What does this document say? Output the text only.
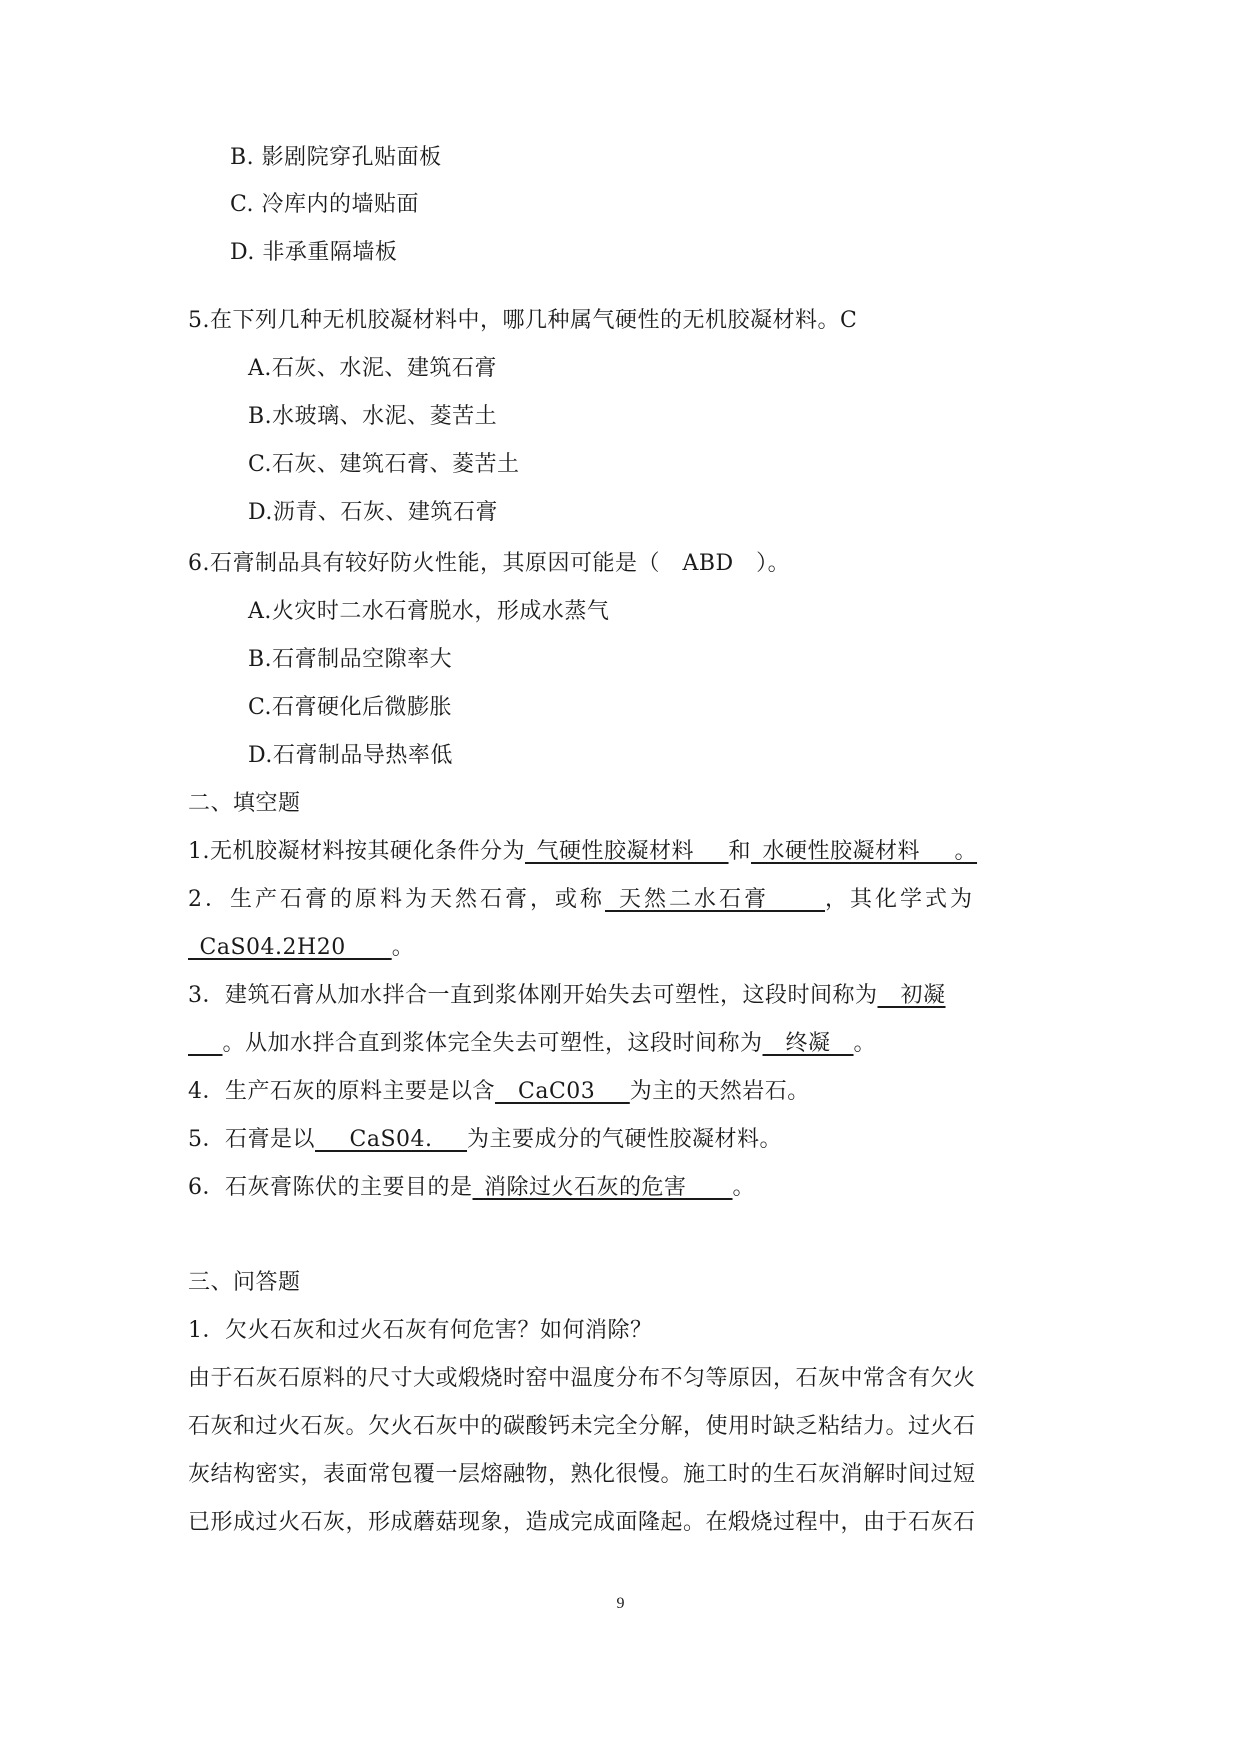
B. 影剧院穿孔贴面板
C. 冷库内的墙贴面
D. 非承重隔墙板
5.在下列几种无机胶凝材料中，哪几种属气硬性的无机胶凝材料。C
A.石灰、水泥、建筑石膏
B.水玻璃、水泥、菱苦土
C.石灰、建筑石膏、菱苦土
D.沥青、石灰、建筑石膏
6.石膏制品具有较好防火性能，其原因可能是（　ABD　）。
A.火灾时二水石膏脱水，形成水蒸气
B.石膏制品空隙率大
C.石膏硬化后微膨胀
D.石膏制品导热率低
二、填空题
1.无机胶凝材料按其硬化条件分为_气硬性胶凝材料___和_水硬性胶凝材料___。
2．生产石膏的原料为天然石膏，或称_天然二水石膏____，其化学式为
_CaS04.2H20____。
3．建筑石膏从加水拌合一直到浆体刚开始失去可塑性，这段时间称为__初凝
___。从加水拌合直到浆体完全失去可塑性，这段时间称为__终凝__。
4．生产石灰的原料主要是以含__CaC03___为主的天然岩石。
5．石膏是以___CaS04.___为主要成分的气硬性胶凝材料。
6．石灰膏陈伏的主要目的是_消除过火石灰的危害____。
三、问答题
1．欠火石灰和过火石灰有何危害？如何消除？
由于石灰石原料的尺寸大或煅烧时窑中温度分布不匀等原因，石灰中常含有欠火
石灰和过火石灰。欠火石灰中的碳酸钙未完全分解，使用时缺乏粘结力。过火石
灰结构密实，表面常包覆一层熔融物，熟化很慢。施工时的生石灰消解时间过短
已形成过火石灰，形成蘑菇现象，造成完成面隆起。在煅烧过程中，由于石灰石
9
